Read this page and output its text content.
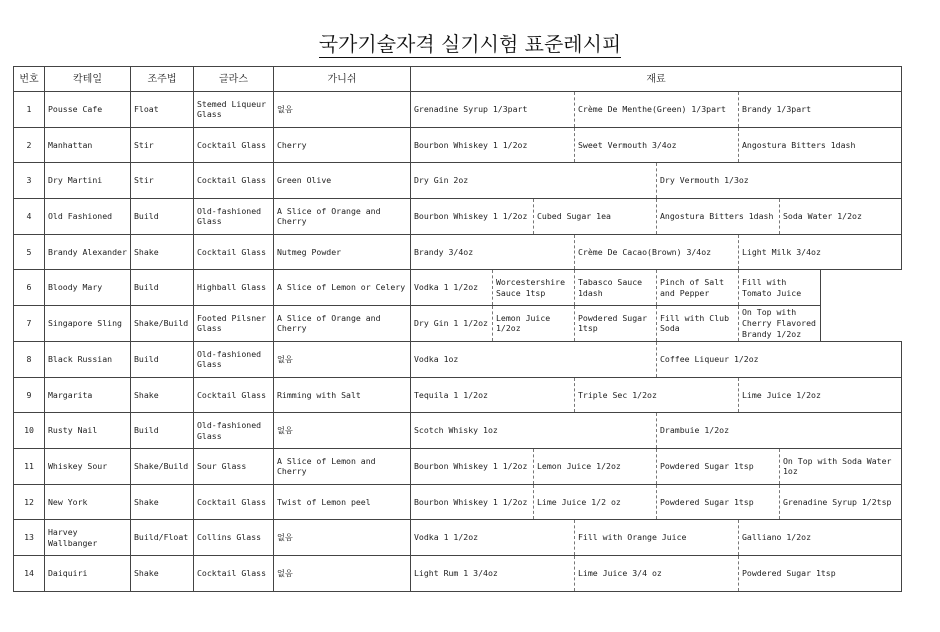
국가기술자격 실기시험 표준레시피
번호	칵테일	조주법	글라스	가니쉬	재료						
1	Pousse Cafe	Float	Stemed Liqueur Glass	없음	Grenadine Syrup 1/3part			Crème De Menthe(Green) 1/3part		Brandy 1/3part	
2	Manhattan	Stir	Cocktail Glass	Cherry	Bourbon Whiskey 1 1/2oz			Sweet Vermouth 3/4oz		Angostura Bitters 1dash	
3	Dry Martini	Stir	Cocktail Glass	Green Olive	Dry Gin 2oz				Dry Vermouth 1/3oz		
4	Old Fashioned	Build	Old-fashioned Glass	A Slice of Orange and Cherry	Bourbon Whiskey 1 1/2oz		Cubed Sugar 1ea		Angostura Bitters 1dash		Soda Water 1/2oz
5	Brandy Alexander	Shake	Cocktail Glass	Nutmeg Powder	Brandy 3/4oz			Crème De Cacao(Brown) 3/4oz		Light Milk 3/4oz	
6	Bloody Mary	Build	Highball Glass	A Slice of Lemon or Celery	Vodka 1 1/2oz	Worcestershire Sauce 1tsp		Tabasco Sauce 1dash	Pinch of Salt and Pepper	Fill with Tomato Juice	
7	Singapore Sling	Shake/Build	Footed Pilsner Glass	A Slice of Orange and Cherry	Dry Gin 1 1/2oz	Lemon Juice 1/2oz		Powdered Sugar 1tsp	Fill with Club Soda	On Top with Cherry Flavored Brandy 1/2oz	
8	Black Russian	Build	Old-fashioned Glass	없음	Vodka 1oz				Coffee Liqueur 1/2oz		
9	Margarita	Shake	Cocktail Glass	Rimming with Salt	Tequila 1 1/2oz			Triple Sec 1/2oz		Lime Juice 1/2oz	
10	Rusty Nail	Build	Old-fashioned Glass	없음	Scotch Whisky 1oz				Drambuie 1/2oz		
11	Whiskey Sour	Shake/Build	Sour Glass	A Slice of Lemon and Cherry	Bourbon Whiskey 1 1/2oz		Lemon Juice 1/2oz		Powdered Sugar 1tsp		On Top with Soda Water 1oz
12	New York	Shake	Cocktail Glass	Twist of Lemon peel	Bourbon Whiskey 1 1/2oz		Lime Juice 1/2 oz		Powdered Sugar 1tsp		Grenadine Syrup 1/2tsp
13	Harvey Wallbanger	Build/Float	Collins Glass	없음	Vodka 1 1/2oz			Fill with Orange Juice		Galliano 1/2oz	
14	Daiquiri	Shake	Cocktail Glass	없음	Light Rum 1 3/4oz			Lime Juice 3/4 oz		Powdered Sugar 1tsp	
